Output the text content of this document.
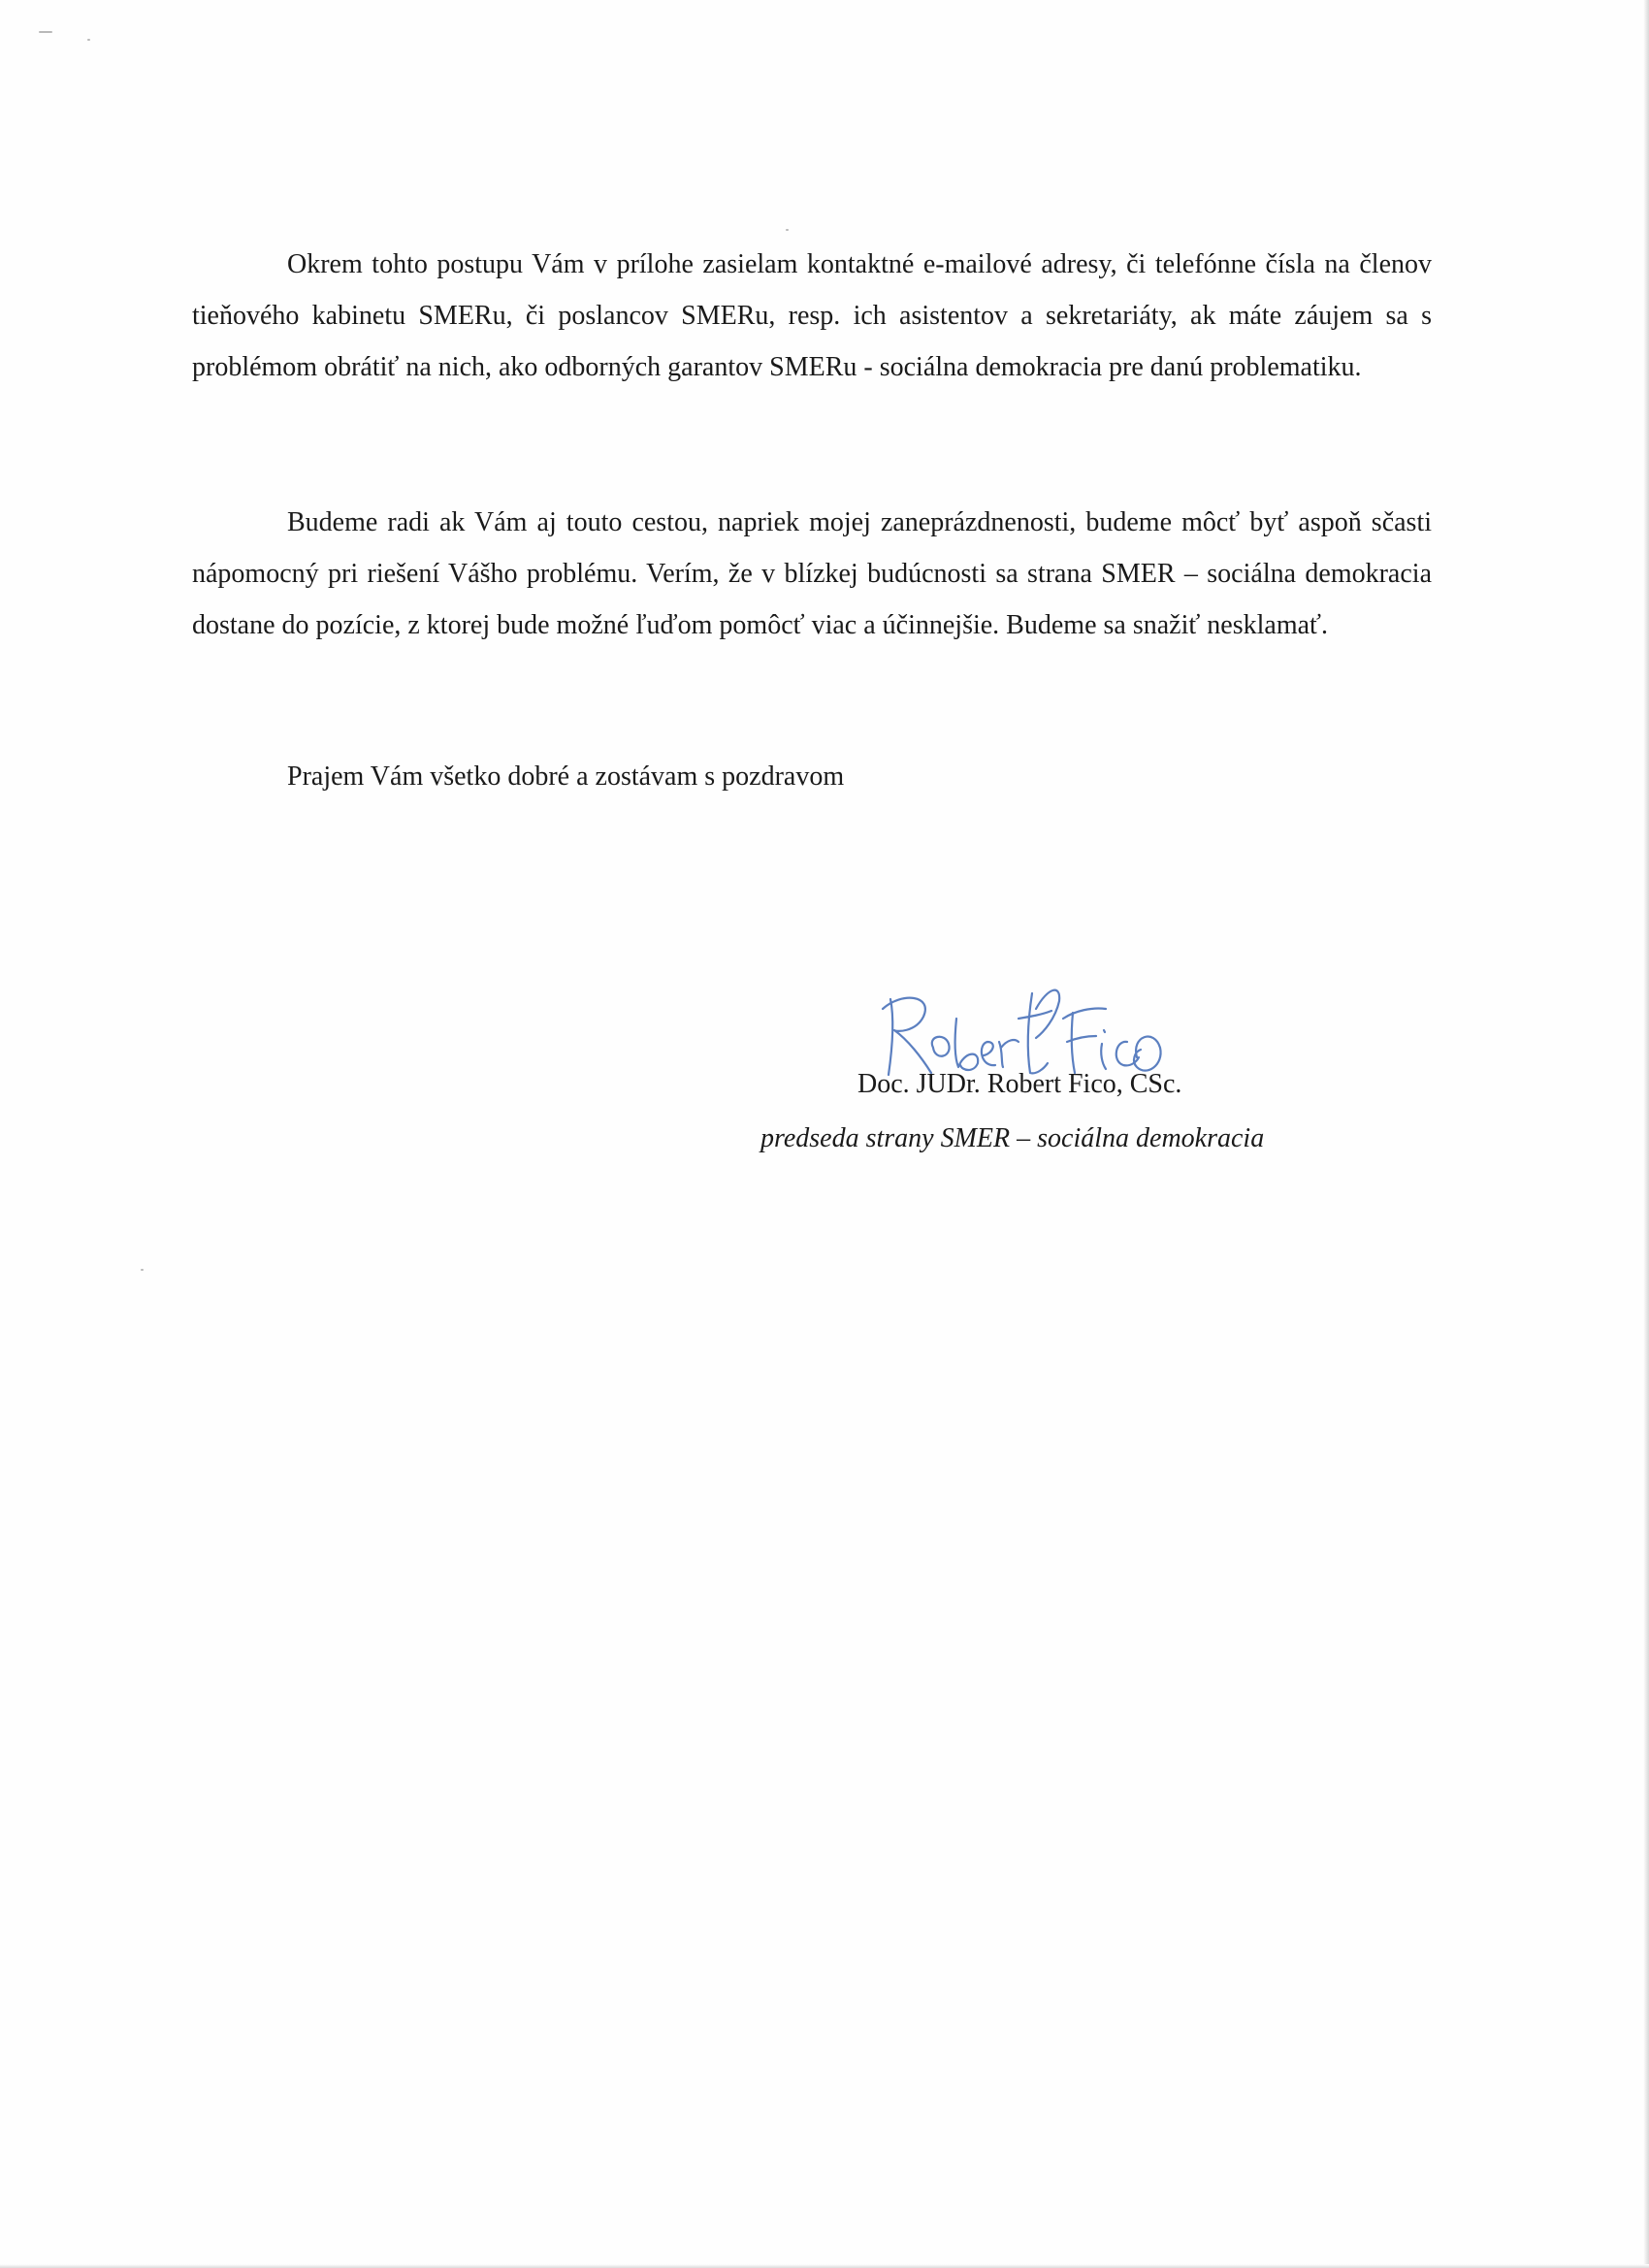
Okrem tohto postupu Vám v prílohe zasielam kontaktné e-mailové adresy, či telefónne čísla na členov tieňového kabinetu SMERu, či poslancov SMERu, resp. ich asistentov a sekretariáty, ak máte záujem sa s problémom obrátiť na nich, ako odborných garantov SMERu - sociálna demokracia pre danú problematiku.

Budeme radi ak Vám aj touto cestou, napriek mojej zaneprázdnenosti, budeme môcť byť aspoň sčasti nápomocný pri riešení Vášho problému. Verím, že v blízkej budúcnosti sa strana SMER – sociálna demokracia dostane do pozície, z ktorej bude možné ľuďom pomôcť viac a účinnejšie. Budeme sa snažiť nesklamať.

Prajem Vám všetko dobré a zostávam s pozdravom

Doc. JUDr. Robert Fico, CSc.
predseda strany SMER – sociálna demokracia
